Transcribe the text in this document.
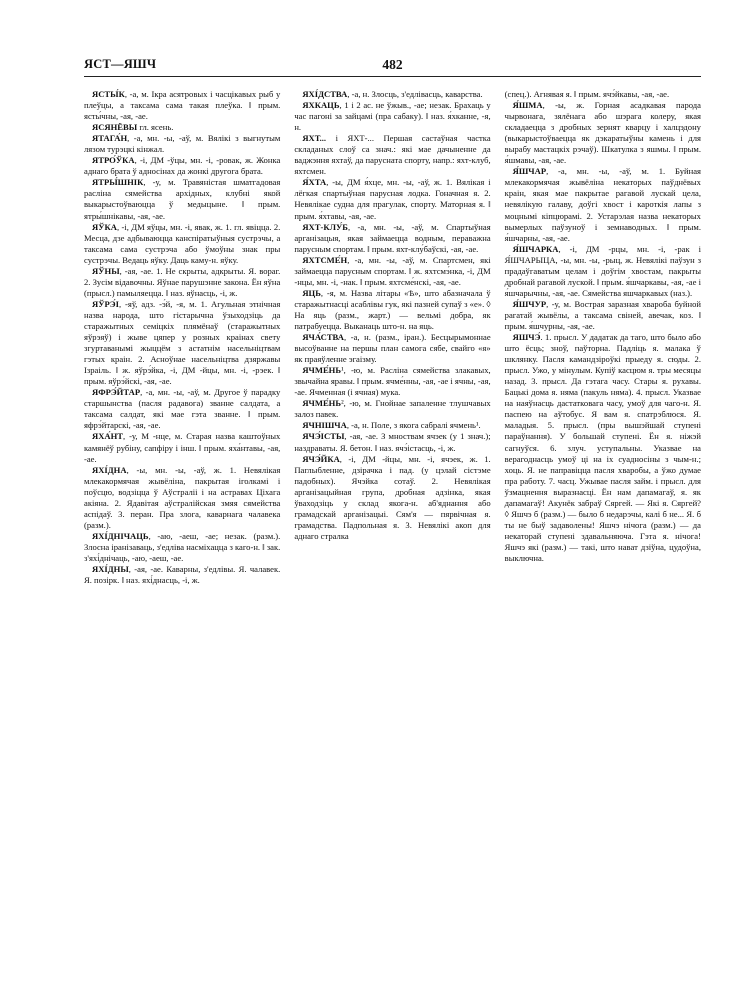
ЯСТ—ЯШЧ	482

ЯСТЫ́К, -а, м. Ікра асятровых і часцікавых рыб у плеўцы, а таксама сама такая плеўка. ‖ прым. яcты́чны, -ая, -ае.

ЯСЯНЁВЫ гл. ясень.

ЯТАГА́Н, -а, мн. -ы, -аў, м. Вялікі з выгнутым лязом турэцкі кінжал.

ЯТРО́ЎКА, -і, ДМ -ўцы, мн. -і, -ровак, ж. Жонка аднаго брата ў адносінах да жонкі другога брата.

ЯТРЫ́ШНІК, -у, м. Травяністая шматгадовая расліна сямейства архідных, клубні якой выкарыстоўваюцца ў медыцыне. ‖ прым. ятры́шнікавы, -ая, -ае.

ЯЎКА, -і, ДМ яўцы, мн. -і, явак, ж. 1. гл. явіцца. 2. Месца, дзе адбываюцца канспіратыўныя сустрэчы, а таксама сама сустрэча або ўмоўны знак пры сустрэчы. Ведаць яўку. Даць каму-н. яўку.

ЯЎНЫ, -ая, -ае. 1. Не скрыты, адкрыты. Я. вораг. 2. Зусім відавочны. Яўнае парушэнне закона. Ён яўна (прысл.) памыляецца. ‖ наз. яўнасць, -і, ж.

ЯЎРЭ́І, -яў, адз. -э́й, -я, м. 1. Агульная этнічная назва народа, што гістарычна ўзыходзіць да старажытных семіцкіх плямёнаў (старажытных яўрэяў) і жыве цяпер у розных краінах свету згуртаванымі жыццём з астатнім насельніцтвам гэтых краін. 2. Асноўнае насельніцтва дзяржавы Ізраіль. ‖ ж. яўрэ́йка, -і, ДМ -йцы, мн. -і, -рэек. ‖ прым. яўрэ́йскі, -ая, -ае.

ЯФРЭ́ЙТАР, -а, мн. -ы, -аў, м. Другое ў парадку старшынства (пасля радавога) званне салдата, а таксама салдат, які мае гэта званне. ‖ прым. яфрэ́йтарскі, -ая, -ае.

ЯХА́НТ, -у, М -нце, м. Старая назва каштоўных камянёў рубіну, сапфіру і інш. ‖ прым. яха́нтавы, -ая, -ае.

ЯХІ́ДНА, -ы, мн. -ы, -аў, ж. 1. Невялікая млекакормячая жывёліна, пакрытая іголкамі і поўсцю, водзіцца ў Аўстраліі і на астравах Ціхага акіяна. 2. Ядавітая аўстралійская змяя сямейства аспідаў. 3. перан. Пра злога, каварнага чалавека (разм.).

ЯХІ́ДНІЧАЦЬ, -аю, -аеш, -ае; незак. (разм.). Злосна іранізаваць, з'едліва насміхацца з каго-н. ‖ зак. з'яхі́днічаць, -аю, -аеш, -ае.

ЯХІ́ДНЫ, -ая, -ае. Каварны, з'едлівы. Я. чалавек. Я. позірк. ‖ наз. яхі́днасць, -і, ж.

ЯХІ́ДСТВА, -а, н. Злосць, з'едлівасць, каварства.

ЯХКАЦЬ, 1 і 2 ас. не ўжыв., -ае; незак. Брахаць у час пагоні за зайцамі (пра сабаку). ‖ наз. я́хканне, -я, н.

ЯХТ... і ЯХТ-... Першая састаўная частка складаных слоў са знач.: які мае дачыненне да ваджэння яхтаў, да парусната спорту, напр.: яхт-клуб, яхтсмен.

Я́ХТА, -ы, ДМ я́хце, мн. -ы, -аў, ж. 1. Вялікая і лёгкая спартыўная парусная лодка. Гоначная я. 2. Невялікае судна для прагулак, спорту. Маторная я. ‖ прым. я́хтавы, -ая, -ае.

ЯХТ-КЛУ́Б, -а, мн. -ы, -аў, м. Спартыўная арганізацыя, якая займаецца водным, пераважна парусным спортам. ‖ прым. яхт-клу́баўскі, -ая, -ае.

ЯХТСМЕ́Н, -а, мн. -ы, -аў, м. Спартсмен, які займаецца парусным спортам. ‖ ж. яхтсмэ́нка, -і, ДМ -нцы, мн. -і, -нак. ‖ прым. яхтсме́нскі, -ая, -ае.

ЯЦЬ, -я, м. Назва літары «Ѣ», што абазначала ў старажытнасці асаблівы гук, які пазней супаў з «е». ◊ На яць (разм., жарт.) — вельмі добра, як патрабуецца. Выканаць штo-н. на яць.

ЯЧА́СТВА, -а, н. (разм., іран.). Бесцырымоннае высоўванне на першы план самога сябе, свайго «я» як праяўленне эгаізму.

ЯЧМЕ́НЬ¹, -ю, м. Расліна сямейства злакавых, звычайна яравы. ‖ прым. ячме́нны, -ая, -ае і ячны, -ая, -ае. Ячменная (і ячная) мука.

ЯЧМЕ́НЬ², -ю, м. Гнойнае запаленне тлушчавых залоз павек.

ЯЧНІШЧА, -а, н. Поле, з якога сабралі ячмень¹.

ЯЧЭ́ІСТЫ, -ая, -ае. З мноствам ячэек (у 1 знач.); наздраваты. Я. бетон. ‖ наз. ячэ́істасць, -і, ж.

ЯЧЭ́ЙКА, -і, ДМ -йцы, мн. -і, ячэек, ж. 1. Паглыбленне, дзірачка і пад. (у цэлай сістэме падобных). Ячэйка сотаў. 2. Невялікая арганізацыйная група, дробная адзінка, якая ўваходзіць у склад якога-н. аб'яднання або грамадскай арганізацыі. Сям'я — пярвічная я. грамадства. Падпольная я. 3. Невялікі акоп для аднаго стралка

(спец.). Агнявая я. ‖ прым. ячэ́йкавы, -ая, -ае.

Я́ШМА, -ы, ж. Горная асадкавая парода чырвонага, зялёнага або шэрага колеру, якая складаецца з дробных зернят кварцу і халцэдону (выкарыстоўваецца як дэкаратыўны камень і для вырабу мастацкіх рэчаў). Шкатулка з яшмы. ‖ прым. я́шмавы, -ая, -ае.

Я́ШЧАР, -а, мн. -ы, -аў, м. 1. Буйная млекакормячая жывёліна некаторых паўднёвых краін, якая мае пакрытае рагавой лускай цела, невялікую галаву, доўгі хвост і кароткія лапы з моцнымі кіпцюрамі. 2. Устарэлая назва некаторых вымерлых паўзуноў і земнаводных. ‖ прым. я́шчарны, -ая, -ае.

Я́ШЧАРКА, -і, ДМ -рцы, мн. -і, -рак і Я́ШЧАРЫЦА, -ы, мн. -ы, -рыц, ж. Невялікі паўзун з прадаўгаватым целам і доўгім хвостам, пакрыты дробнай рагавой луской. ‖ прым. я́шчаркавы, -ая, -ае і я́шчарычны, -ая, -ае. Сямейства яшчаркавых (наз.).

Я́ШЧУР, -у, м. Вострая заразная хвароба буйной рагатай жывёлы, а таксама свіней, авечак, коз. ‖ прым. я́шчурны, -ая, -ае.

ЯШЧЭ́. 1. прысл. У дадатак да таго, што было або што ёсць; зноў, паўторна. Падліць я. малака ў шклянку. Пасля камандзіроўкі прыеду я. сюды. 2. прысл. Ужо, у мінулым. Купіў касцюм я. тры месяцы назад. 3. прысл. Да гэтага часу. Стары я. рухавы. Бацькі дома я. няма (пакуль няма). 4. прысл. Указвае на наяўнасць дастатковага часу, умоў для чаго-н. Я. паспею на аўтобус. Я вам я. спатрэблюся. Я. маладыя. 5. прысл. (пры вышэйшай ступені параўнання). У большай ступені. Ён я. ніжэй сагнуўся. 6. злуч. уступальны. Указвае на верагоднасць умоў ці на іх суадносіны з чым-н.; хоць. Я. не паправіцца пасля хваробы, а ўжо думае пра работу. 7. часц. Ужывае пасля займ. і прысл. для ўзмацнення выразнасці. Ён нам дапамагаў, я. як дапамагаў! Акунёк забраў Сяргей. — Які я. Сяргей? ◊ Яшчэ б (разм.) — было б недарэчы, калі б не... Я. б ты не быў задаволены! Яшчэ нічога (разм.) — да некаторай ступені здавальняюча. Гэта я. нічога! Яшчэ які (разм.) — такі, што нават дзіўна, цудоўна, выключна.
